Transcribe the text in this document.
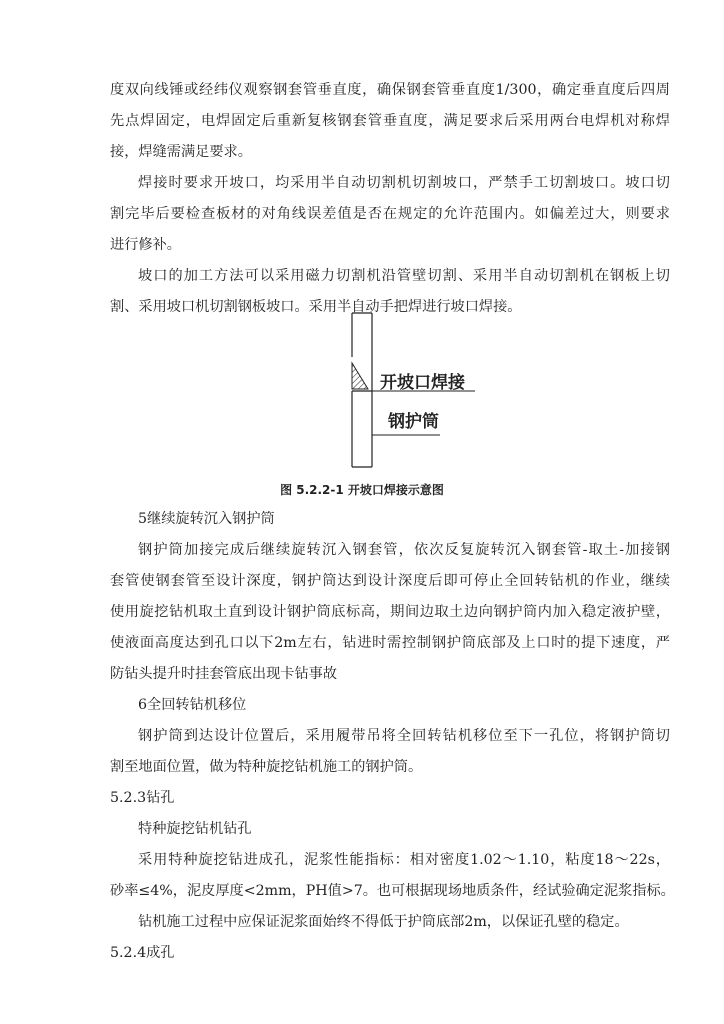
度双向线锤或经纬仪观察钢套管垂直度，确保钢套管垂直度1/300，确定垂直度后四周
先点焊固定，电焊固定后重新复核钢套管垂直度，满足要求后采用两台电焊机对称焊
接，焊缝需满足要求。
焊接时要求开坡口，均采用半自动切割机切割坡口，严禁手工切割坡口。坡口切
割完毕后要检查板材的对角线误差值是否在规定的允许范围内。如偏差过大，则要求
进行修补。
坡口的加工方法可以采用磁力切割机沿管壁切割、采用半自动切割机在钢板上切
割、采用坡口机切割钢板坡口。采用半自动手把焊进行坡口焊接。
开坡口焊接
钢护筒
图 5.2.2-1 开坡口焊接示意图
5继续旋转沉入钢护筒
钢护筒加接完成后继续旋转沉入钢套管，依次反复旋转沉入钢套管-取土-加接钢
套管使钢套管至设计深度，钢护筒达到设计深度后即可停止全回转钻机的作业，继续
使用旋挖钻机取土直到设计钢护筒底标高，期间边取土边向钢护筒内加入稳定液护壁，
使液面高度达到孔口以下2m左右，钻进时需控制钢护筒底部及上口时的提下速度，严
防钻头提升时挂套管底出现卡钻事故
6全回转钻机移位
钢护筒到达设计位置后，采用履带吊将全回转钻机移位至下一孔位，将钢护筒切
割至地面位置，做为特种旋挖钻机施工的钢护筒。
5.2.3钻孔
特种旋挖钻机钻孔
采用特种旋挖钻进成孔，泥浆性能指标：相对密度1.02～1.10，粘度18～22s，
砂率≤4%，泥皮厚度<2mm，PH值>7。也可根据现场地质条件，经试验确定泥浆指标。
钻机施工过程中应保证泥浆面始终不得低于护筒底部2m，以保证孔壁的稳定。
5.2.4成孔
